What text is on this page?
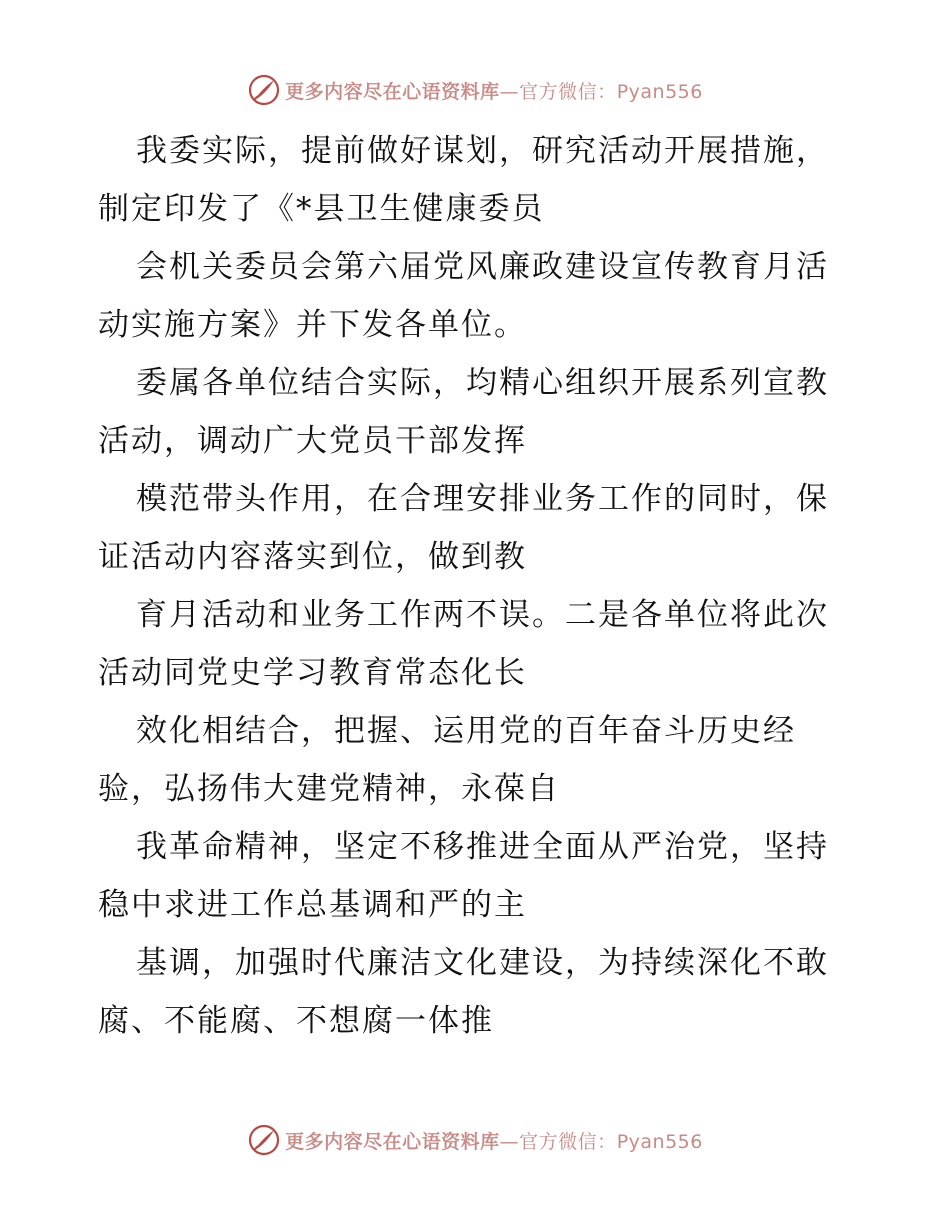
更多内容尽在心语资料库—官方微信：Pyan556
我委实际，提前做好谋划，研究活动开展措施，
制定印发了《*县卫生健康委员
会机关委员会第六届党风廉政建设宣传教育月活
动实施方案》并下发各单位。
委属各单位结合实际，均精心组织开展系列宣教
活动，调动广大党员干部发挥
模范带头作用，在合理安排业务工作的同时，保
证活动内容落实到位，做到教
育月活动和业务工作两不误。二是各单位将此次
活动同党史学习教育常态化长
效化相结合，把握、运用党的百年奋斗历史经
验，弘扬伟大建党精神，永葆自
我革命精神，坚定不移推进全面从严治党，坚持
稳中求进工作总基调和严的主
基调，加强时代廉洁文化建设，为持续深化不敢
腐、不能腐、不想腐一体推
更多内容尽在心语资料库—官方微信：Pyan556
